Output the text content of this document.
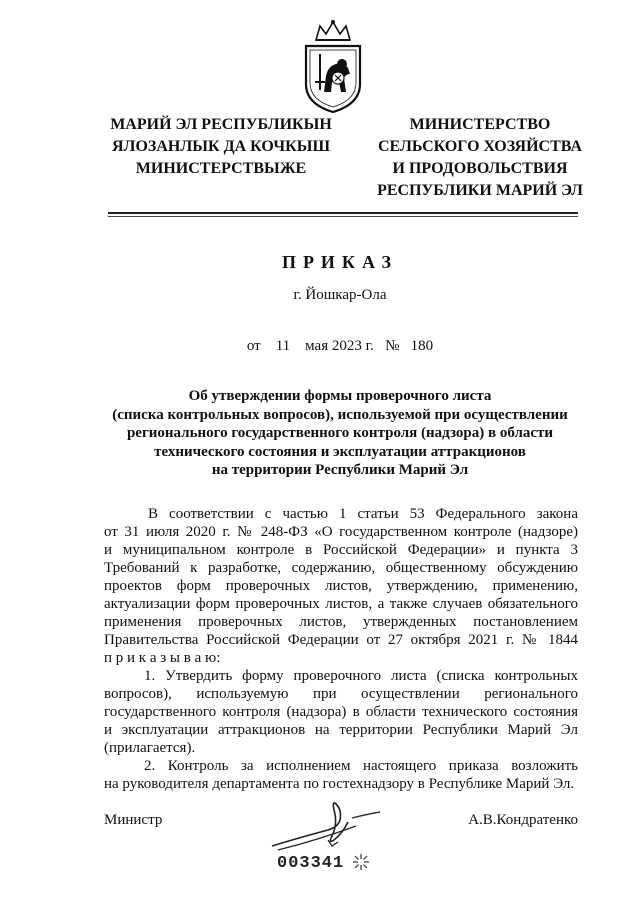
МАРИЙ ЭЛ РЕСПУБЛИКЫН
ЯЛОЗАНЛЫК ДА КОЧКЫШ
МИНИСТЕРСТВЫЖЕ
МИНИСТЕРСТВО
СЕЛЬСКОГО ХОЗЯЙСТВА
И ПРОДОВОЛЬСТВИЯ
РЕСПУБЛИКИ МАРИЙ ЭЛ
ПРИКАЗ
г. Йошкар-Ола
от 11 мая 2023 г. № 180
Об утверждении формы проверочного листа
(списка контрольных вопросов), используемой при осуществлении
регионального государственного контроля (надзора) в области
технического состояния и эксплуатации аттракционов
на территории Республики Марий Эл
В соответствии с частью 1 статьи 53 Федерального закона
от 31 июля 2020 г. № 248-ФЗ «О государственном контроле (надзоре)
и муниципальном контроле в Российской Федерации» и пункта 3
Требований к разработке, содержанию, общественному обсуждению
проектов форм проверочных листов, утверждению, применению,
актуализации форм проверочных листов, а также случаев обязательного
применения проверочных листов, утвержденных постановлением
Правительства Российской Федерации от 27 октября 2021 г. № 1844
п р и к а з ы в а ю:
1. Утвердить форму проверочного листа (списка контрольных
вопросов), используемую при осуществлении регионального
государственного контроля (надзора) в области технического состояния
и эксплуатации аттракционов на территории Республики Марий Эл
(прилагается).
2. Контроль за исполнением настоящего приказа возложить
на руководителя департамента по гостехнадзору в Республике Марий Эл.
Министр	А.В.Кондратенко
003341
